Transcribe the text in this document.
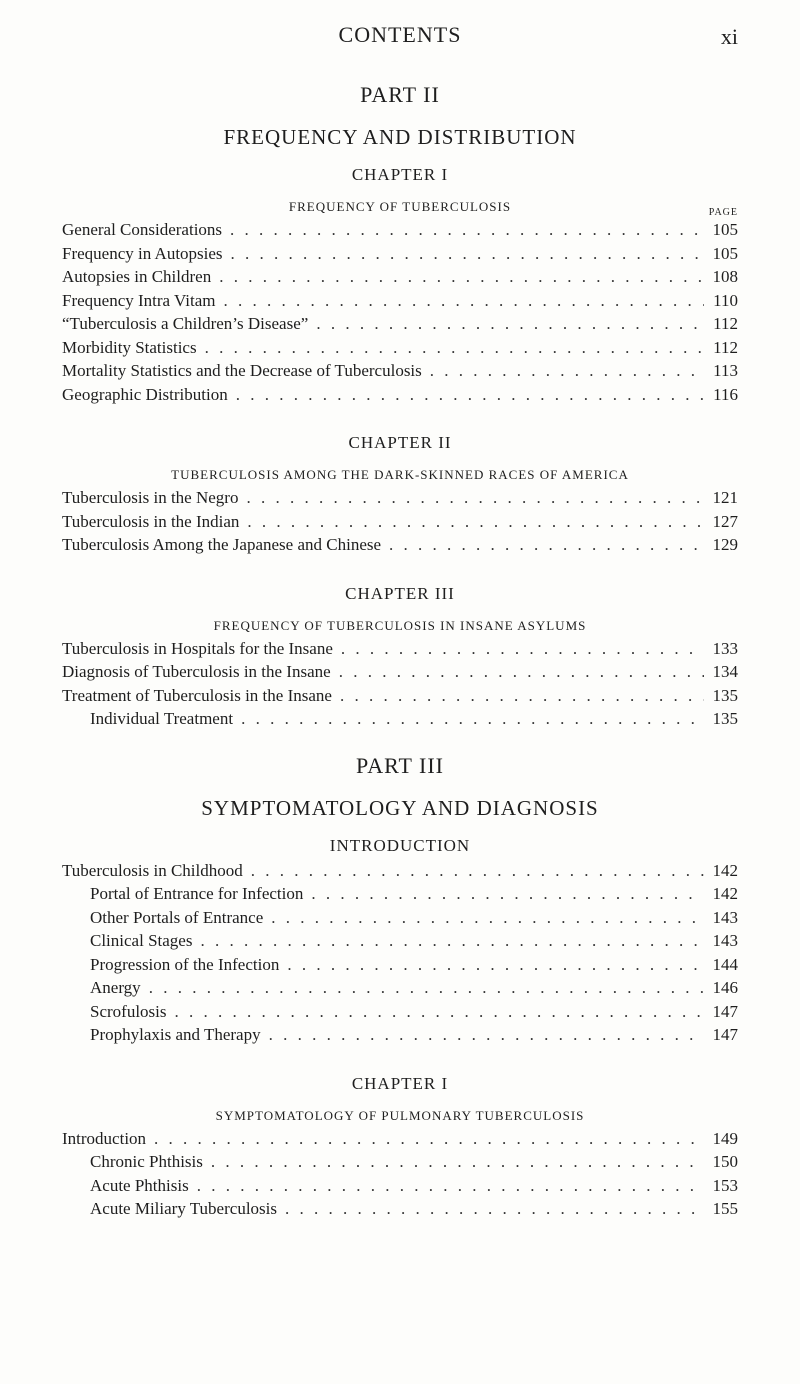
CONTENTS	xi
PART II
FREQUENCY AND DISTRIBUTION
CHAPTER I
FREQUENCY OF TUBERCULOSIS	PAGE
General Considerations . . .	105
Frequency in Autopsies . . .	105
Autopsies in Children . . .	108
Frequency Intra Vitam . . .	110
“Tuberculosis a Children’s Disease” . . .	112
Morbidity Statistics . . .	112
Mortality Statistics and the Decrease of Tuberculosis . . .	113
Geographic Distribution . . .	116
CHAPTER II
TUBERCULOSIS AMONG THE DARK-SKINNED RACES OF AMERICA
Tuberculosis in the Negro . . .	121
Tuberculosis in the Indian . . .	127
Tuberculosis Among the Japanese and Chinese . . .	129
CHAPTER III
FREQUENCY OF TUBERCULOSIS IN INSANE ASYLUMS
Tuberculosis in Hospitals for the Insane . . .	133
Diagnosis of Tuberculosis in the Insane . . .	134
Treatment of Tuberculosis in the Insane . . .	135
Individual Treatment . . .	135
PART III
SYMPTOMATOLOGY AND DIAGNOSIS
INTRODUCTION
Tuberculosis in Childhood . . .	142
Portal of Entrance for Infection . . .	142
Other Portals of Entrance . . .	143
Clinical Stages . . .	143
Progression of the Infection . . .	144
Anergy . . .	146
Scrofulosis . . .	147
Prophylaxis and Therapy . . .	147
CHAPTER I
SYMPTOMATOLOGY OF PULMONARY TUBERCULOSIS
Introduction . . .	149
Chronic Phthisis . . .	150
Acute Phthisis . . .	153
Acute Miliary Tuberculosis . . .	155
